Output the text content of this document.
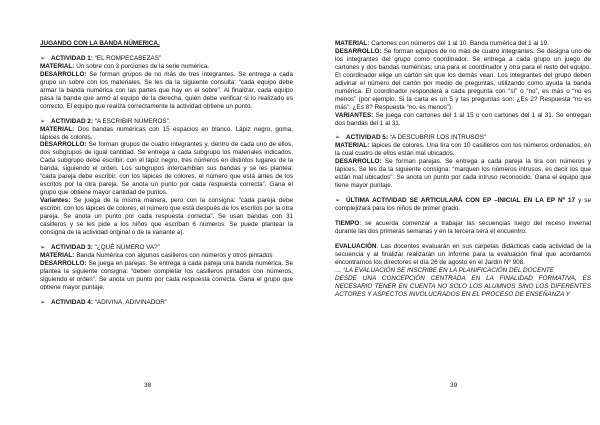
JUGANDO CON LA BANDA NÚMERICA.

➢ ACTIVIDAD 1: “EL ROMPECABEZAS”

MATERIAL: Un sobre con 3 porciones de la serie numérica.

DESARROLLO: Se forman grupos de no más de tres integrantes. Se entrega a cada grupo un sobre con los materiales. Se les da la siguiente consulta: “cada equipo debe armar la banda numérica con las partes que hay en el sobre”. Al finalizar, cada equipo pasa la banda que armó al equipo de la derecha, quién debe verificar si lo realizado es correcto. El equipo que realiza correctamente la actividad obtiene un punto.

➢ ACTIVIDAD 2: “A ESCRIBIR NÚMEROS”.

MATERIAL: Dos bandas numéricas con 15 espacios en blanco. Lápiz negro, goma, lápices de colores.

DESARROLLO: Se forman grupos de cuatro integrantes y, dentro de cada uno de ellos, dos subgrupos de igual cantidad. Se entrega a cada subgrupo los materiales indicados. Cada subgrupo debe escribir, con el lápiz negro, tres números en distintos lugares de la banda, siguiendo el orden. Los subgrupos intercambian sus bandas y se les plantea: “cada pareja debe escribir, con los lápices de colores, el número que está antes de los escritos por la otra pareja. Se anota un punto por cada respuesta correcta”. Gana el grupo que obtiene mayor cantidad de puntos.

Variantes: Se juega de la misma manera, pero con la consigna: “cada pareja debe escribir, con los lápices de colores, el número que está después de los escritos por la otra pareja. Se anota un punto por cada respuesta correcta”. Se usan bandas con 31 casilleros y se les pide a los niños que escriban 6 números. Se puede plantear la consigna de la actividad original o de la variante a).

➢ ACTIVIDAD 3: “¿QUÉ NÚMERO VA?”

MATERIAL: Banda Numérica con algunos casilleros con números y otros pintados

DESARROLLO: Se juega en parejas. Se entrega a cada pareja una banda numérica. Se plantea la siguiente consigna: “deben completar los casilleros pintados con números, siguiendo el orden”. Se anota un punto por cada respuesta correcta. Gana el grupo que obtiene mayor puntaje.

➢ ACTIVIDAD 4: “ADIVINA, ADIVINADOR”

38

MATERIAL: Cartones con números del 1 al 10. Banda numérica del 1 al 19.

DESARROLLO: Se forman equipos de no más de cuatro integrantes. Se designa uno de los integrantes del grupo como coordinador. Se entrega a cada grupo un juego de cartones y dos bandas numéricas; una para el coordinador y otra para el resto del equipo. El coordinador elige un cartón sin que los demás vean. Los integrantes del grupo deben adivinar el número del cartón por medio de preguntas, utilizando como ayuda la banda numérica. El coordinador responderá a cada pregunta con “sí” o “no”, es más o “no es menos” (por ejemplo. Si la carta es un 5 y las preguntas son: ¿Es 2? Respuesta “no es más”; ¿Es 8? Respuesta “no, es menos”).

VARIANTES: Se juega con cartones del 1 al 15 o con cartones del 1 al 31. Se entregan dos bandas del 1 al 31.

➢ ACTIVIDAD 5: “A DESCUBRIR LOS INTRUSOS”

MATERIAL: lápices de colores. Una tira con 10 casilleros con los números ordenados, en la cual cuatro de ellos están mal ubicados.

DESARROLLO: Se forman parejas. Se entrega a cada pareja la tira con números y lápices. Se les da la siguiente consigna: “marquen los números intrusos, es decir los que están mal ubicados”. Se anota un punto por cada intruso reconocido. Gana el equipo que tiene mayor puntaje.

➢ ÚLTIMA ACTIVIDAD SE ARTICULARÁ CON EP –INICIAL EN LA EP Nº 17 y se complejizará para los niños de primer grado.

TIEMPO: se acuerda comenzar a trabajar las secuencias luego del receso invernal durante las dos primeras semanas y en la tercera será el encuentro.

EVALUACIÓN: Las docentes evaluarán en sus carpetas didácticas cada actividad de la secuencia y al finalizar realizarán un informe para la evaluación final que acordamos encontrarnos los directores el día 26 de agosto en el Jardín Nº 908.

… “LA EVALUACIÓN SE INSCRIBE EN LA PLANIFICACIÓN DEL DOCENTE

DESDE UNA CONCEPCIÓN CENTRADA EN LA FINALIDAD FORMATIVA, ES NECESARIO TENER EN CUENTA NO SOLO LOS ALUMNOS SINO LOS DIFERENTES ACTORES Y ASPECTOS INVOLUCRADOS EN EL PROCESO DE ENSEÑANZA Y

39
